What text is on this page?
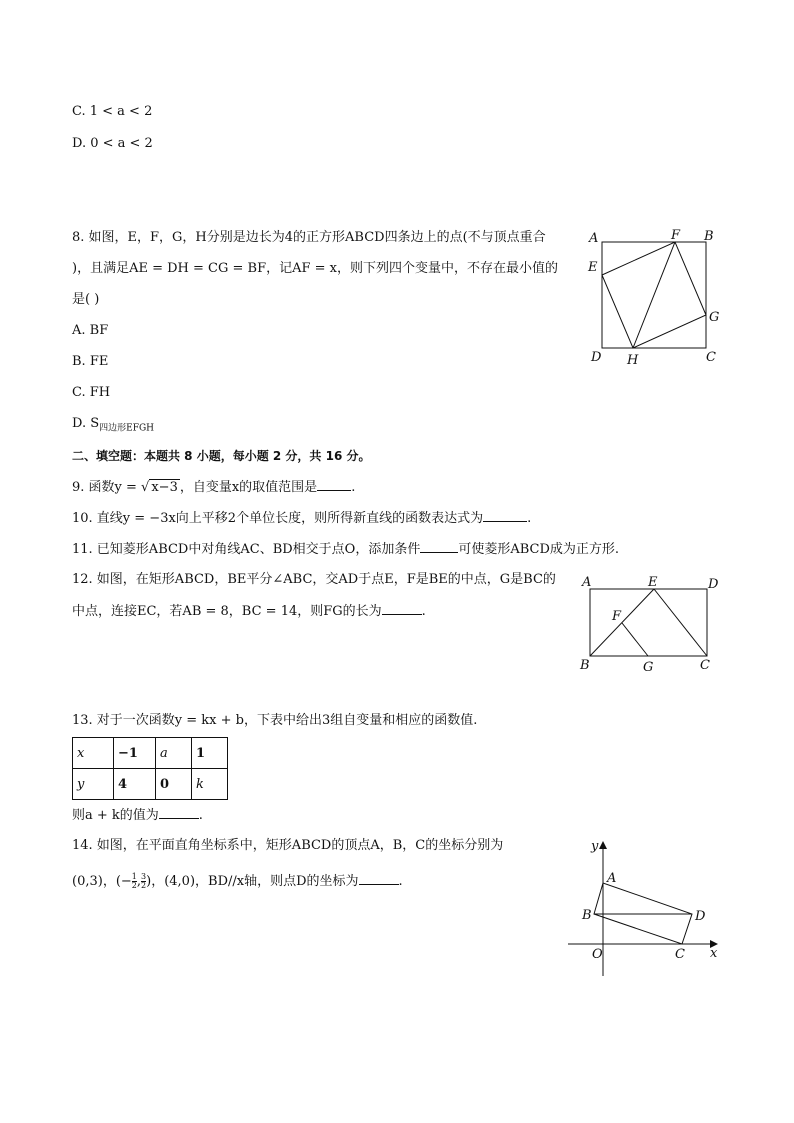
C. 1 < a < 2
D. 0 < a < 2
8. 如图，E，F，G，H分别是边长为4的正方形ABCD四条边上的点(不与顶点重合
)，且满足AE = DH = CG = BF，记AF = x，则下列四个变量中，不存在最小值的
是( )
A. BF
B. FE
C. FH
D. $S_{四边形EFGH}$
A	B
C
D
E
F
G
H
二、填空题：本题共 8 小题，每小题 2 分，共 16 分。
9. 函数y = √ x−3 ，自变量x的取值范围是	.
10. 直线y = −3x向上平移2个单位长度，则所得新直线的函数表达式为	.
11. 已知菱形ABCD中对角线AC、BD相交于点O，添加条件	可使菱形ABCD成为正方形.
12. 如图，在矩形ABCD，BE平分∠ABC，交AD于点E，F是BE的中点，G是BC的
中点，连接EC，若AB = 8，BC = 14，则FG的长为	.
A	E	D
F
B	G	C
13. 对于一次函数y = kx + b，下表中给出3组自变量和相应的函数值.
x	−1	a	1
y	4	0	k
则a + k的值为	.
14. 如图，在平面直角坐标系中，矩形ABCD的顶点A，B，C的坐标分别为
(0,3)，(− $\frac{1}{2}$ , $\frac{3}{2}$ )，(4,0)，BD//x轴，则点D的坐标为	.
y
x
O
A
B
C
D
